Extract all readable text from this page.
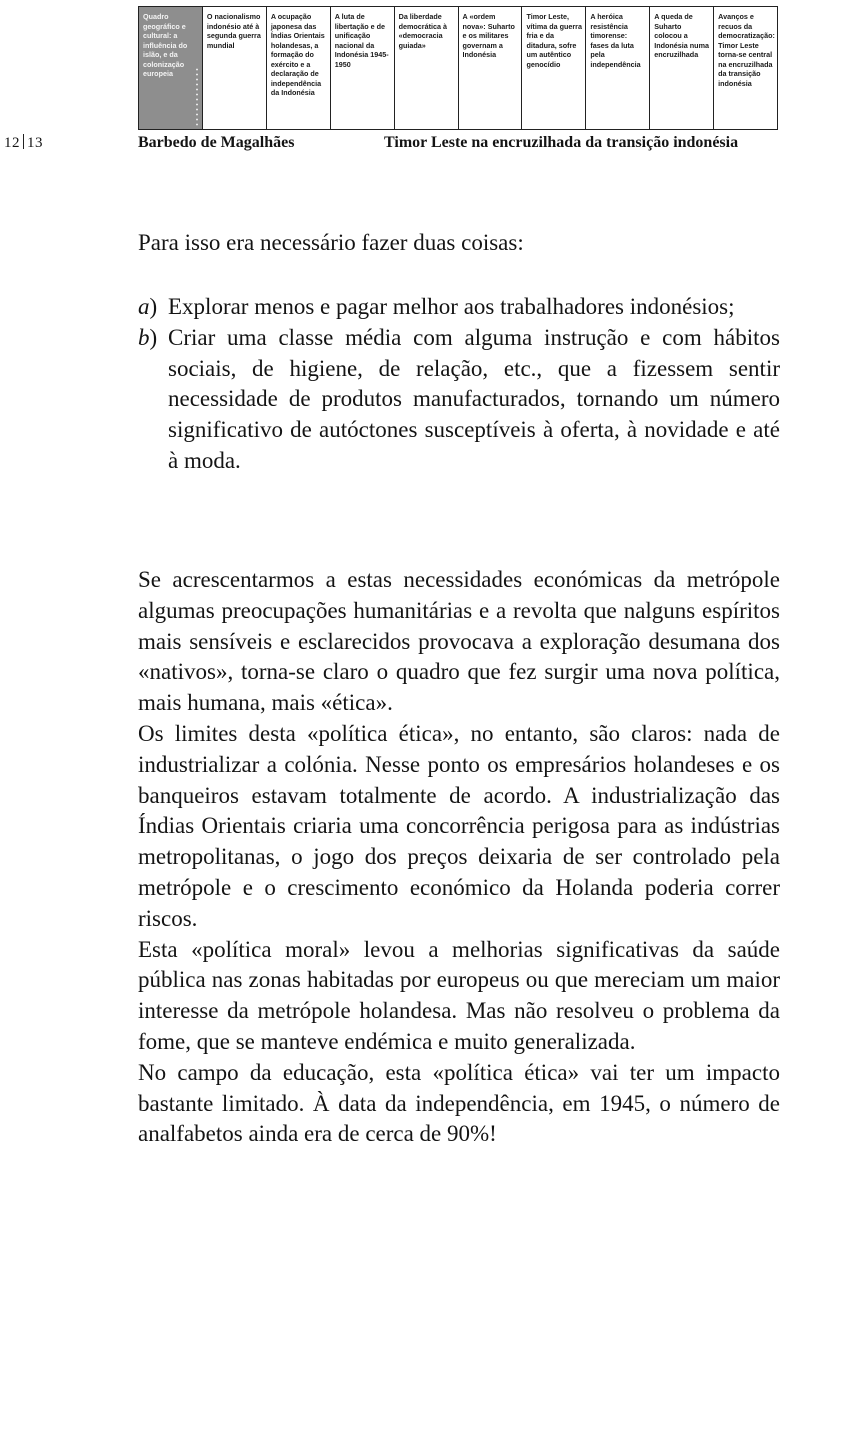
Quadro geográfico e cultural: a influência do islão, e da colonização europeia
O nacionalismo indonésio até à segunda guerra mundial
A ocupação japonesa das Índias Orientais holandesas, a formação do exército e a declaração de independência da Indonésia
A luta de libertação e de unificação nacional da Indonésia 1945-1950
Da liberdade democrática à «democracia guiada»
A «ordem nova»: Suharto e os militares governam a Indonésia
Timor Leste, vítima da guerra fria e da ditadura, sofre um autêntico genocídio
A heróica resistência timorense: fases da luta pela independência
A queda de Suharto colocou a Indonésia numa encruzilhada
Avanços e recuos da democratização: Timor Leste torna-se central na encruzilhada da transição indonésia
12 13	Barbedo de Magalhães	Timor Leste na encruzilhada da transição indonésia
Para isso era necessário fazer duas coisas:
a) Explorar menos e pagar melhor aos trabalhadores indonésios;
b) Criar uma classe média com alguma instrução e com hábitos sociais, de higiene, de relação, etc., que a fizessem sentir necessidade de produtos manufacturados, tornando um número significativo de autóctones susceptíveis à oferta, à novidade e até à moda.

Se acrescentarmos a estas necessidades económicas da metrópole algumas preocupações humanitárias e a revolta que nalguns espíritos mais sensíveis e esclarecidos provocava a exploração desumana dos «nativos», torna-se claro o quadro que fez surgir uma nova política, mais humana, mais «ética».

Os limites desta «política ética», no entanto, são claros: nada de industrializar a colónia. Nesse ponto os empresários holandeses e os banqueiros estavam totalmente de acordo. A industrialização das Índias Orientais criaria uma concorrência perigosa para as indústrias metropolitanas, o jogo dos preços deixaria de ser controlado pela metrópole e o crescimento económico da Holanda poderia correr riscos.

Esta «política moral» levou a melhorias significativas da saúde pública nas zonas habitadas por europeus ou que mereciam um maior interesse da metrópole holandesa. Mas não resolveu o problema da fome, que se manteve endémica e muito generalizada.

No campo da educação, esta «política ética» vai ter um impacto bastante limitado. À data da independência, em 1945, o número de analfabetos ainda era de cerca de 90%!
